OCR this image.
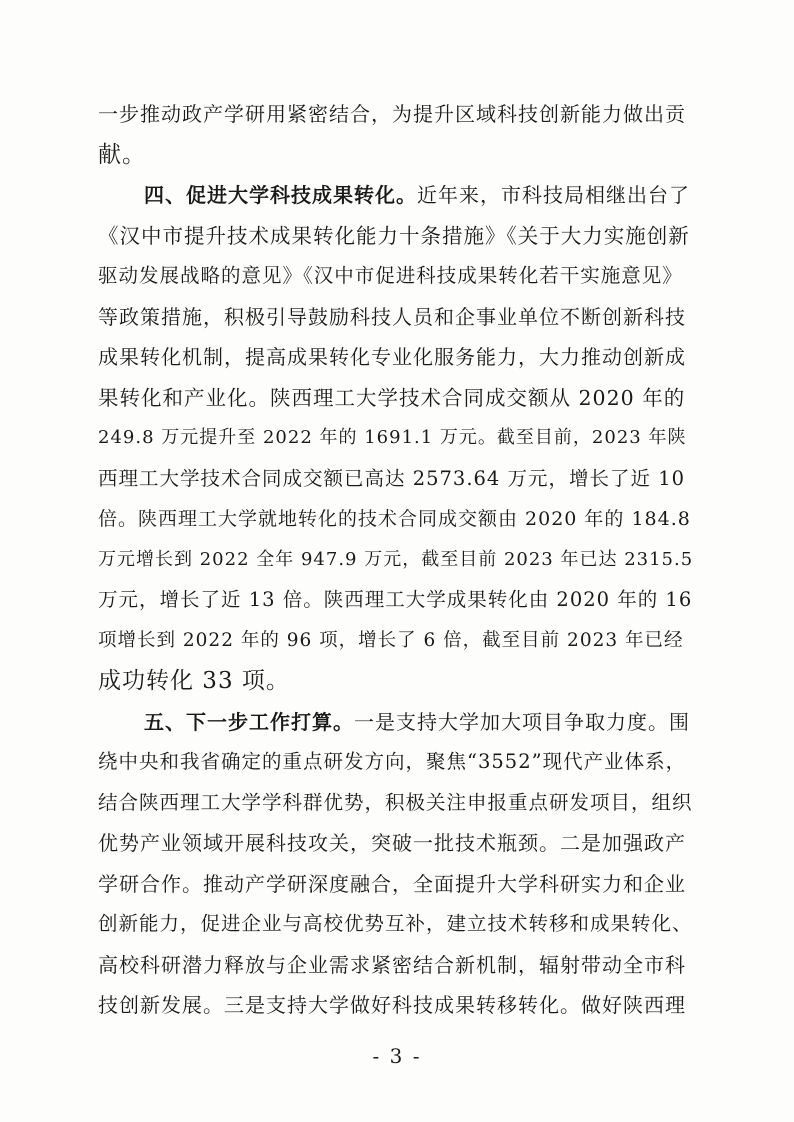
一步推动政产学研用紧密结合，为提升区域科技创新能力做出贡
献。
四、促进大学科技成果转化。近年来，市科技局相继出台了
《汉中市提升技术成果转化能力十条措施》《关于大力实施创新
驱动发展战略的意见》《汉中市促进科技成果转化若干实施意见》
等政策措施，积极引导鼓励科技人员和企事业单位不断创新科技
成果转化机制，提高成果转化专业化服务能力，大力推动创新成
果转化和产业化。陕西理工大学技术合同成交额从 2020 年的
249.8 万元提升至 2022 年的 1691.1 万元。截至目前，2023 年陕
西理工大学技术合同成交额已高达 2573.64 万元，增长了近 10
倍。陕西理工大学就地转化的技术合同成交额由 2020 年的 184.8
万元增长到 2022 全年 947.9 万元，截至目前 2023 年已达 2315.5
万元，增长了近 13 倍。陕西理工大学成果转化由 2020 年的 16
项增长到 2022 年的 96 项，增长了 6 倍，截至目前 2023 年已经
成功转化 33 项。
五、下一步工作打算。一是支持大学加大项目争取力度。围
绕中央和我省确定的重点研发方向，聚焦“3552”现代产业体系，
结合陕西理工大学学科群优势，积极关注申报重点研发项目，组织
优势产业领域开展科技攻关，突破一批技术瓶颈。二是加强政产
学研合作。推动产学研深度融合，全面提升大学科研实力和企业
创新能力，促进企业与高校优势互补，建立技术转移和成果转化、
高校科研潜力释放与企业需求紧密结合新机制，辐射带动全市科
技创新发展。三是支持大学做好科技成果转移转化。做好陕西理
- 3 -
